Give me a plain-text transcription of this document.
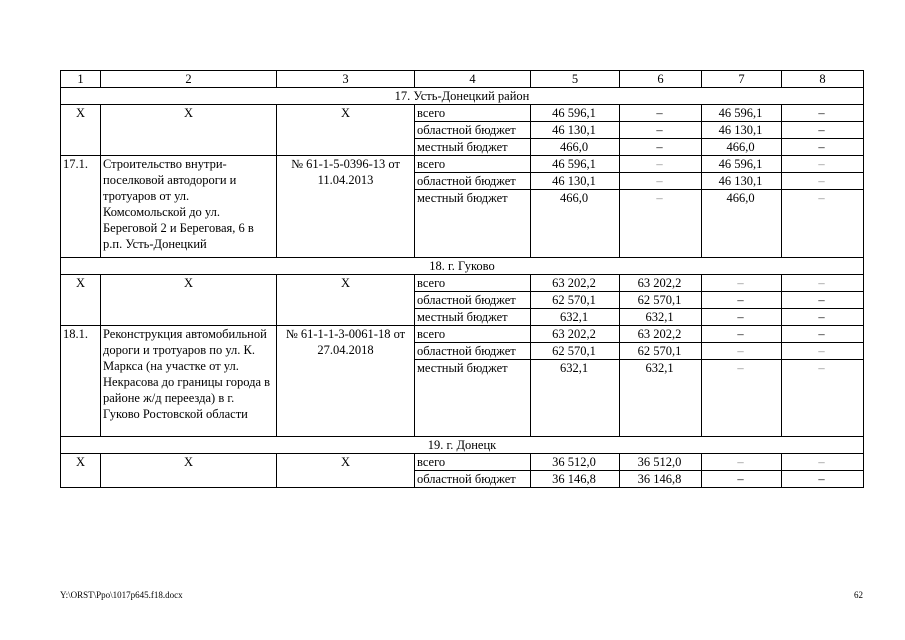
1	2	3	4	5	6	7	8
17. Усть-Донецкий район							
Х	Х	Х	всего	46 596,1	–	46 596,1	–
			областной бюджет	46 130,1	–	46 130,1	–
			местный бюджет	466,0	–	466,0	–
17.1.	Строительство внутри-поселковой автодороги и тротуаров от ул. Комсомольской до ул. Береговой 2 и Береговая, 6 в р.п. Усть-Донецкий	№ 61-1-5-0396-13 от 11.04.2013	всего	46 596,1	–	46 596,1	–
			областной бюджет	46 130,1	–	46 130,1	–
			местный бюджет	466,0	–	466,0	–
18. г. Гуково							
Х	Х	Х	всего	63 202,2	63 202,2	–	–
			областной бюджет	62 570,1	62 570,1	–	–
			местный бюджет	632,1	632,1	–	–
18.1.	Реконструкция автомобильной дороги и тротуаров по ул. К. Маркса (на участке от ул. Некрасова до границы города в районе ж/д переезда) в г. Гуково Ростовской области	№ 61-1-1-3-0061-18 от 27.04.2018	всего	63 202,2	63 202,2	–	–
			областной бюджет	62 570,1	62 570,1	–	–
			местный бюджет	632,1	632,1	–	–
19. г. Донецк							
Х	Х	Х	всего	36 512,0	36 512,0	–	–
			областной бюджет	36 146,8	36 146,8	–	–
Y:\ORST\Ppo\1017p645.f18.docx	62
